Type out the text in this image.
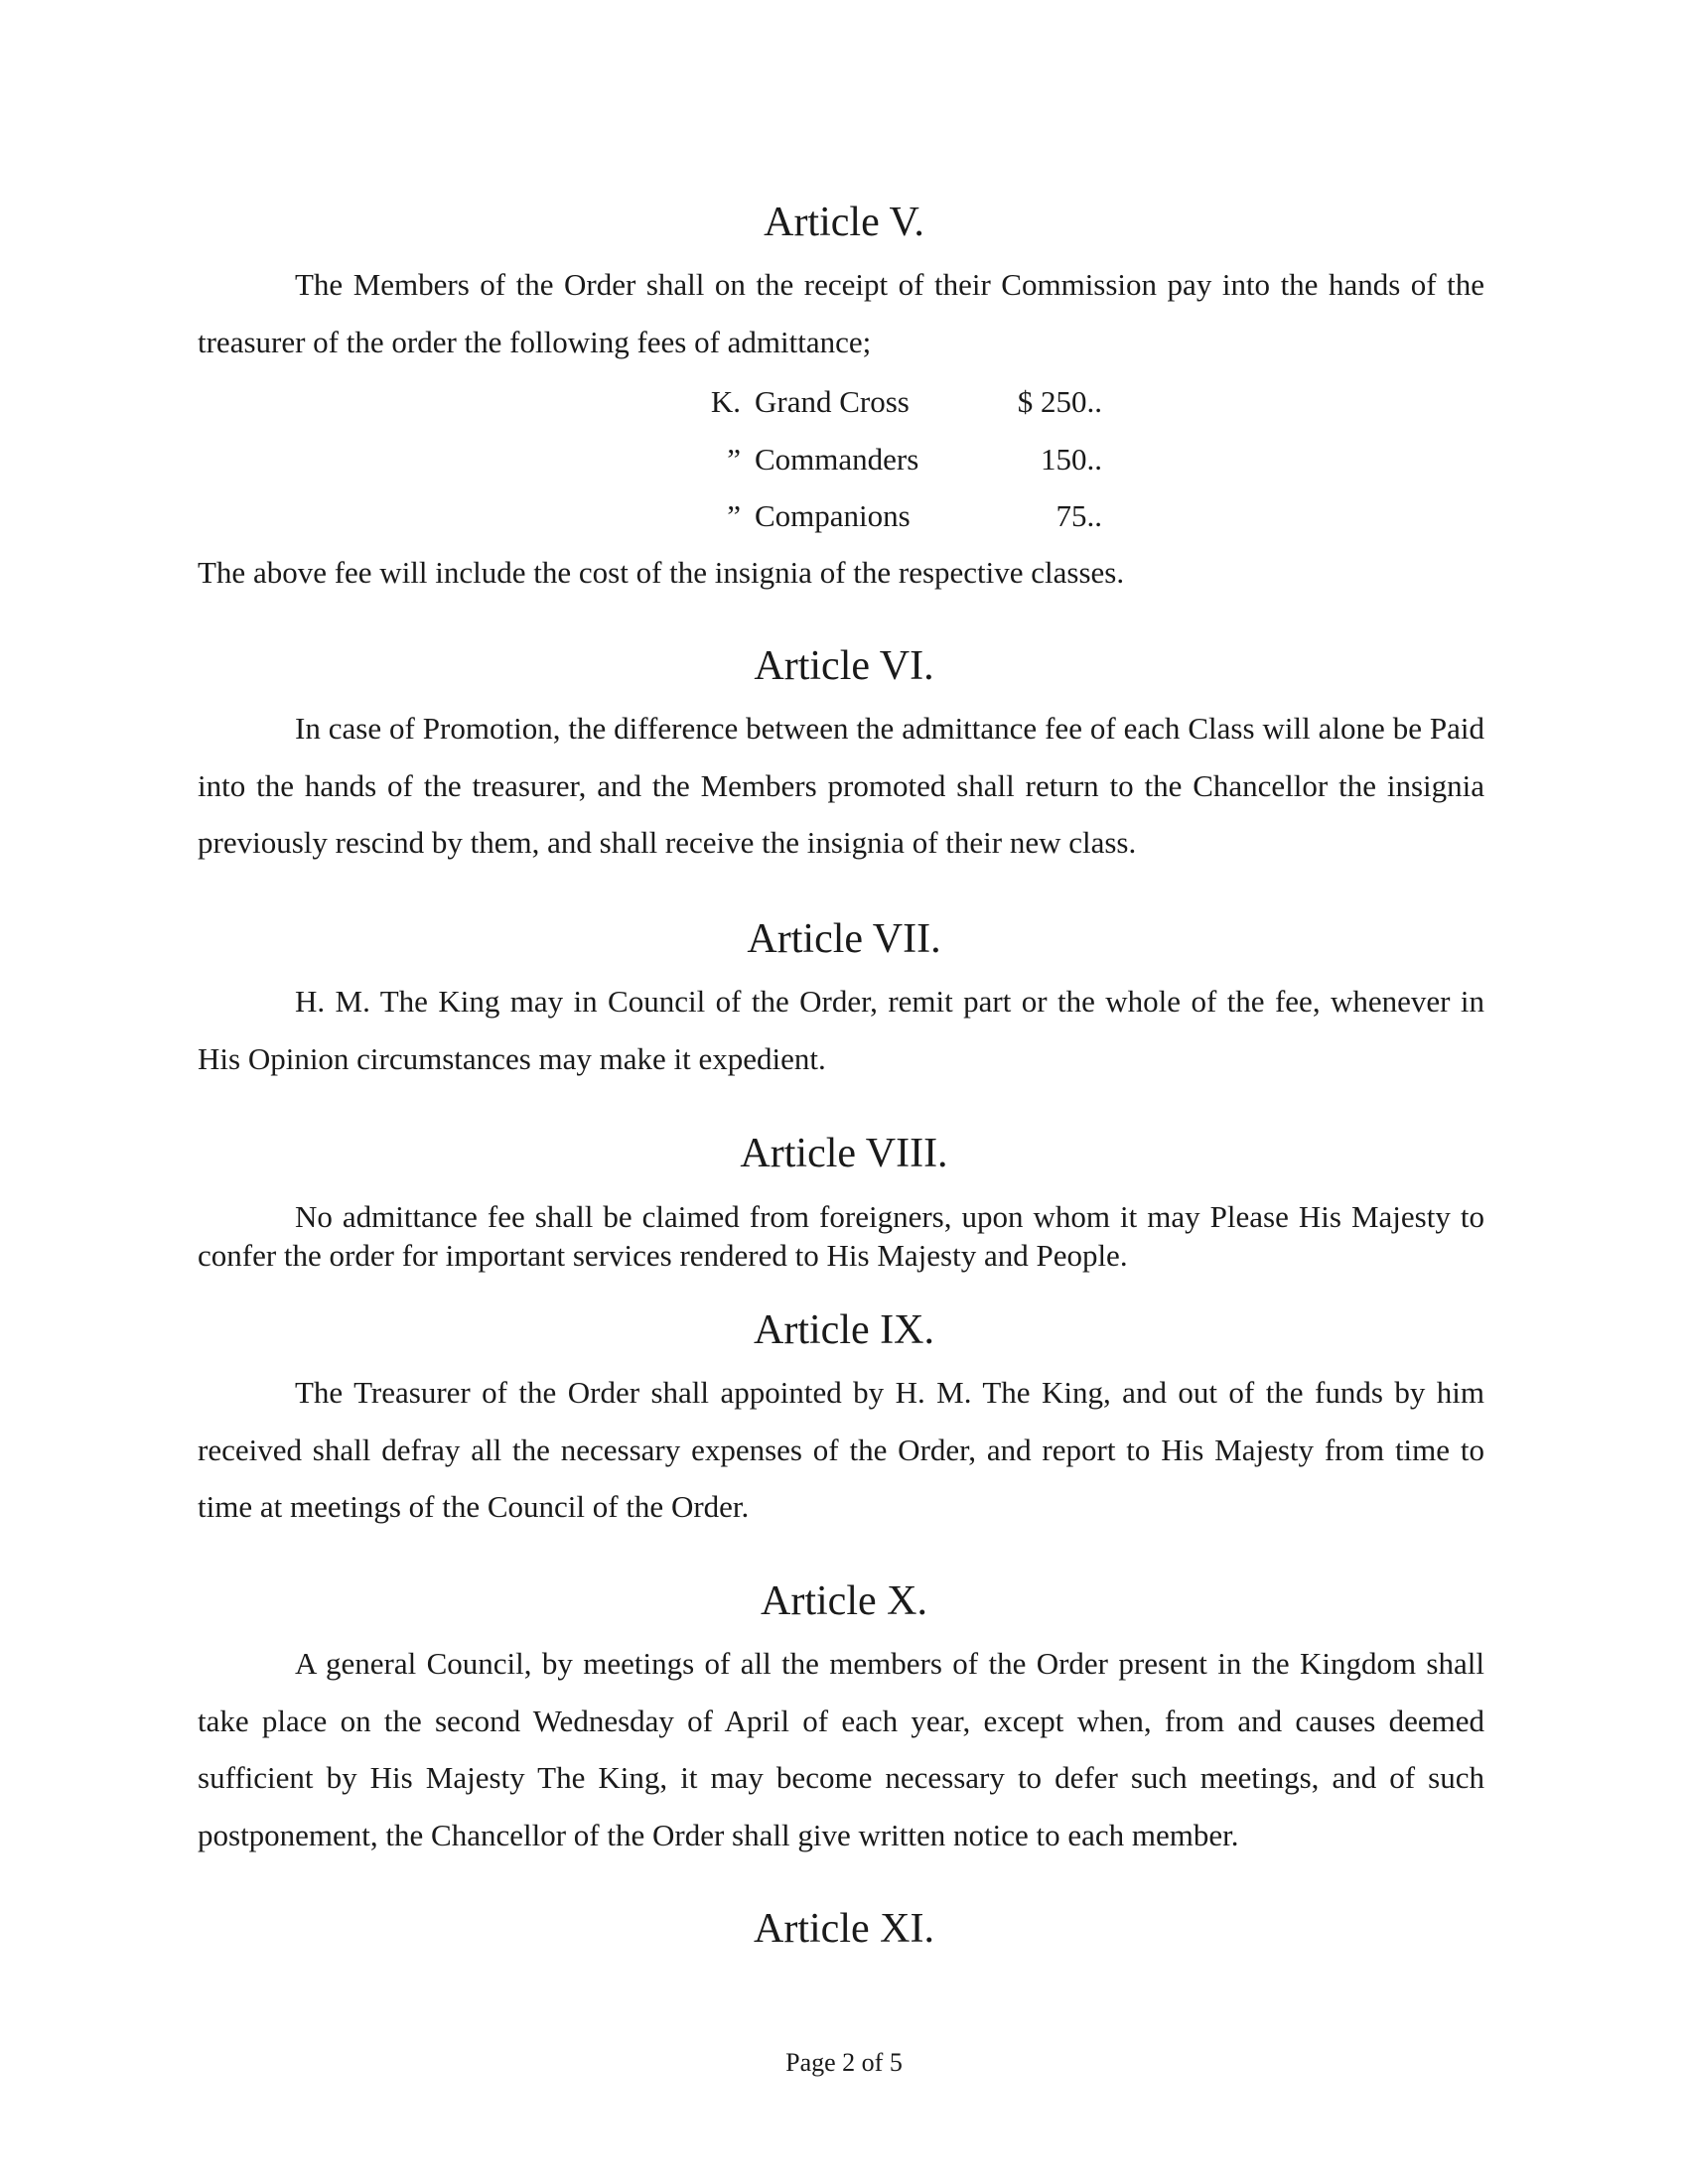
Article V.

The Members of the Order shall on the receipt of their Commission pay into the hands of the treasurer of the order the following fees of admittance;

K.	Grand Cross	$ 250..
”	Commanders	150..
”	Companions	75..

The above fee will include the cost of the insignia of the respective classes.

Article VI.

In case of Promotion, the difference between the admittance fee of each Class will alone be Paid into the hands of the treasurer, and the Members promoted shall return to the Chancellor the insignia previously rescind by them, and shall receive the insignia of their new class.

Article VII.

H. M. The King may in Council of the Order, remit part or the whole of the fee, whenever in His Opinion circumstances may make it expedient.

Article VIII.

No admittance fee shall be claimed from foreigners, upon whom it may Please His Majesty to confer the order for important services rendered to His Majesty and People.

Article IX.

The Treasurer of the Order shall appointed by H. M. The King, and out of the funds by him received shall defray all the necessary expenses of the Order, and report to His Majesty from time to time at meetings of the Council of the Order.

Article X.

A general Council, by meetings of all the members of the Order present in the Kingdom shall take place on the second Wednesday of April of each year, except when, from and causes deemed sufficient by His Majesty The King, it may become necessary to defer such meetings, and of such postponement, the Chancellor of the Order shall give written notice to each member.

Article XI.

Page 2 of 5
